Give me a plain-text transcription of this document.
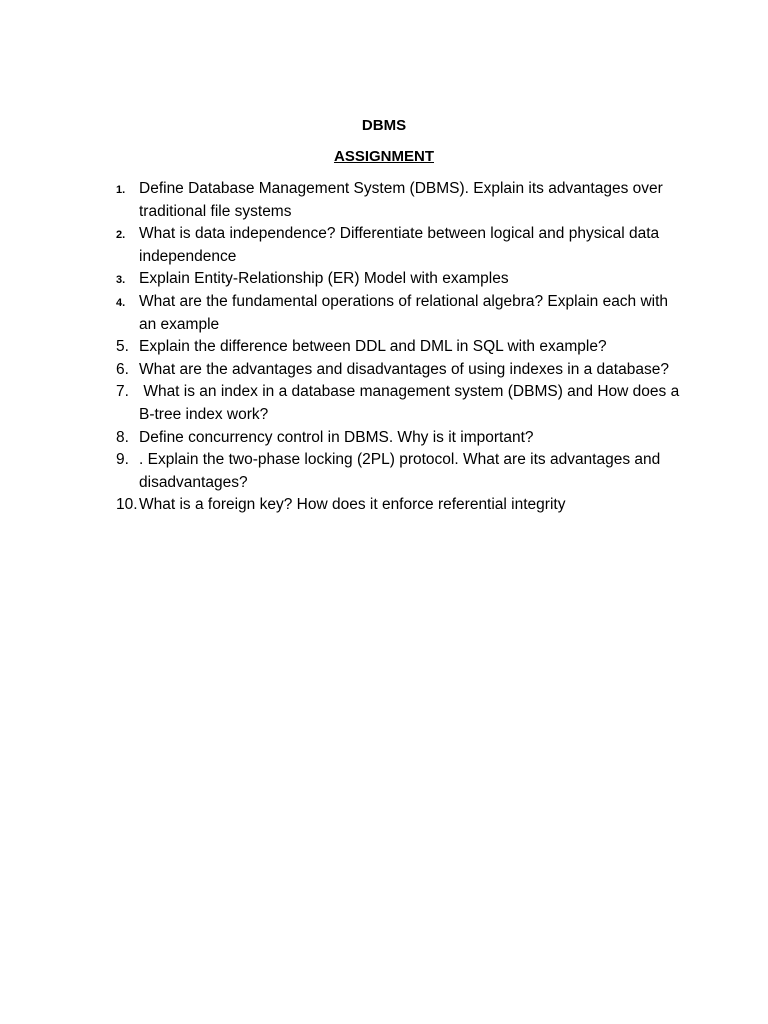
DBMS
ASSIGNMENT
1. Define Database Management System (DBMS). Explain its advantages over traditional file systems
2. What is data independence? Differentiate between logical and physical data independence
3. Explain Entity-Relationship (ER) Model with examples
4. What are the fundamental operations of relational algebra? Explain each with an example
5. Explain the difference between DDL and DML in SQL with example?
6. What are the advantages and disadvantages of using indexes in a database?
7. What is an index in a database management system (DBMS) and How does a B-tree index work?
8. Define concurrency control in DBMS. Why is it important?
9. . Explain the two-phase locking (2PL) protocol. What are its advantages and disadvantages?
10. What is a foreign key? How does it enforce referential integrity
